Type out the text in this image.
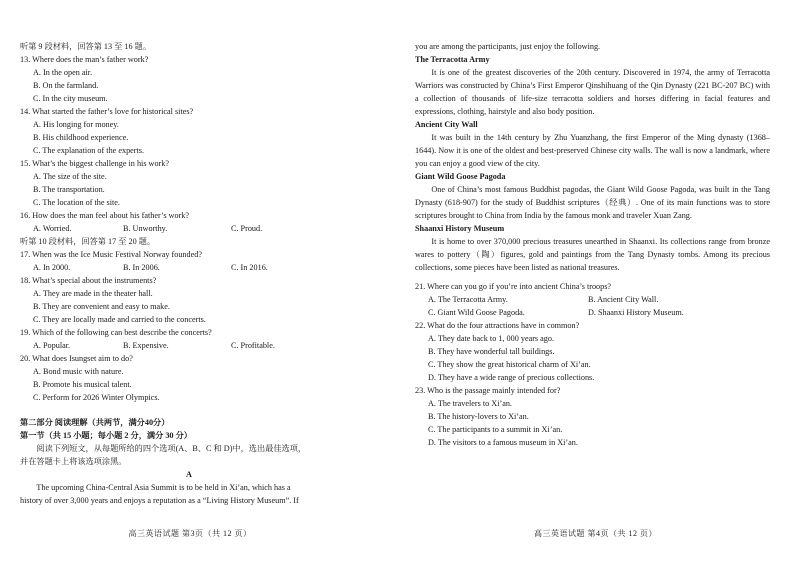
听第 9 段材料，回答第 13 至 16 题。
13. Where does the man’s father work?
A. In the open air.
B. On the farmland.
C. In the city museum.
14. What started the father’s love for historical sites?
A. His longing for money.
B. His childhood experience.
C. The explanation of the experts.
15. What’s the biggest challenge in his work?
A. The size of the site.
B. The transportation.
C. The location of the site.
16. How does the man feel about his father’s work?
A. Worried.	B. Unworthy.	C. Proud.
听第 10 段材料，回答第 17 至 20 题。
17. When was the Ice Music Festival Norway founded?
A. In 2000.	B. In 2006.	C. In 2016.
18. What’s special about the instruments?
A. They are made in the theater hall.
B. They are convenient and easy to make.
C. They are locally made and carried to the concerts.
19. Which of the following can best describe the concerts?
A. Popular.	B. Expensive.	C. Profitable.
20. What does Isungset aim to do?
A. Bond music with nature.
B. Promote his musical talent.
C. Perform for 2026 Winter Olympics.
第二部分 阅读理解（共两节，满分40分）
第一节（共 15 小题；每小题 2 分，满分 30 分）
阅读下列短文，从每题所给的四个选项(A、B、C 和 D)中，选出最佳选项，
并在答题卡上将该选项涂黑。
A
The upcoming China-Central Asia Summit is to be held in Xi’an, which has a
history of over 3,000 years and enjoys a reputation as a “Living History Museum”. If
高三英语试题 第3页（共 12 页）
you are among the participants, just enjoy the following.
The Terracotta Army
It is one of the greatest discoveries of the 20th century. Discovered in 1974, the army of Terracotta Warriors was constructed by China’s First Emperor Qinshihuang of the Qin Dynasty (221 BC-207 BC) with a collection of thousands of life-size terracotta soldiers and horses differing in facial features and expressions, clothing, hairstyle and also body position.
Ancient City Wall
It was built in the 14th century by Zhu Yuanzhang, the first Emperor of the Ming dynasty (1368–1644). Now it is one of the oldest and best-preserved Chinese city walls. The wall is now a landmark, where you can enjoy a good view of the city.
Giant Wild Goose Pagoda
One of China’s most famous Buddhist pagodas, the Giant Wild Goose Pagoda, was built in the Tang Dynasty (618-907) for the study of Buddhist scriptures（经典）. One of its main functions was to store scriptures brought to China from India by the famous monk and traveler Xuan Zang.
Shaanxi History Museum
It is home to over 370,000 precious treasures unearthed in Shaanxi. Its collections range from bronze wares to pottery（陶）figures, gold and paintings from the Tang Dynasty tombs. Among its precious collections, some pieces have been listed as national treasures.
21. Where can you go if you’re into ancient China’s troops?
A. The Terracotta Army.	B. Ancient City Wall.
C. Giant Wild Goose Pagoda.	D. Shaanxi History Museum.
22. What do the four attractions have in common?
A. They date back to 1, 000 years ago.
B. They have wonderful tall buildings.
C. They show the great historical charm of Xi’an.
D. They have a wide range of precious collections.
23. Who is the passage mainly intended for?
A. The travelers to Xi’an.
B. The history-lovers to Xi’an.
C. The participants to a summit in Xi’an.
D. The visitors to a famous museum in Xi’an.
高三英语试题 第4页（共 12 页）
